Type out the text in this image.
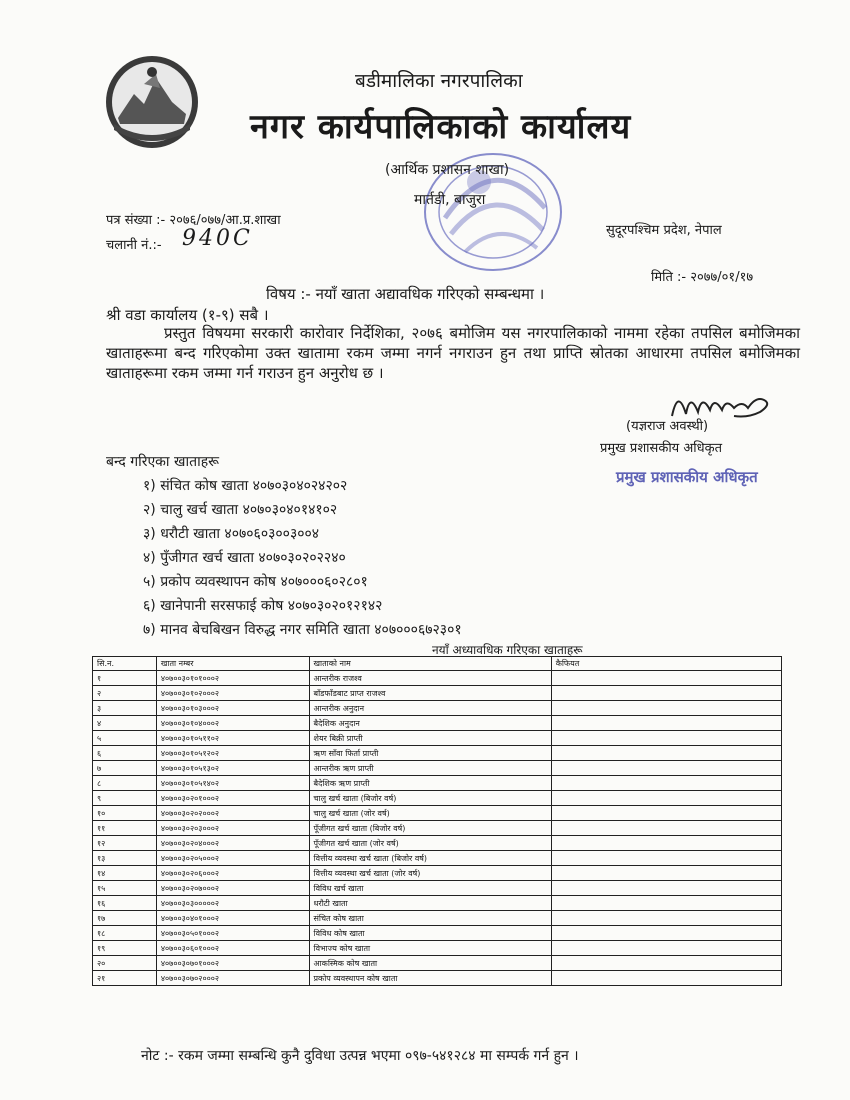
बडीमालिका नगरपालिका
नगर कार्यपालिकाको कार्यालय
(आर्थिक प्रशासन शाखा)
मार्तडी, बाजुरा
पत्र संख्या :- २०७६/०७७/आ.प्र.शाखा
चलानी नं.:- 940C	सुदूरपश्चिम प्रदेश, नेपाल
मिति :- २०७७/०१/१७
विषय :- नयाँ खाता अद्यावधिक गरिएको सम्बन्धमा ।
श्री वडा कार्यालय (१-९) सबै ।

प्रस्तुत विषयमा सरकारी कारोवार निर्देशिका, २०७६ बमोजिम यस नगरपालिकाको नाममा रहेका तपसिल बमोजिमका खाताहरूमा बन्द गरिएकोमा उक्त खातामा रकम जम्मा नगर्न नगराउन हुन तथा प्राप्ति स्रोतका आधारमा तपसिल बमोजिमका खाताहरूमा रकम जम्मा गर्न गराउन हुन अनुरोध छ ।

(यज्ञराज अवस्थी)
प्रमुख प्रशासकीय अधिकृत
प्रमुख प्रशासकीय अधिकृत
बन्द गरिएका खाताहरू
१) संचित कोष खाता ४०७०३०४०२४२०२
२) चालु खर्च खाता ४०७०३०४०१४१०२
३) धरौटी खाता ४०७०६०३००३००४
४) पुँजीगत खर्च खाता ४०७०३०२०२२४०
५) प्रकोप व्यवस्थापन कोष ४०७०००६०२८०१
६) खानेपानी सरसफाई कोष ४०७०३०२०१२१४२
७) मानव बेचबिखन विरुद्ध नगर समिति खाता ४०७०००६७२३०१
नयाँ अध्यावधिक गरिएका खाताहरू
सि.न.	खाता नम्बर	खाताको नाम	कैफियत
१	४०७००३०१०१०००२	आन्तरीक राजश्व	
२	४०७००३०१०२०००२	बाँडफाँडबाट प्राप्त राजश्व	
३	४०७००३०१०३०००२	आन्तरीक अनुदान	
४	४०७००३०१०४०००२	बैदेशिक अनुदान	
५	४०७००३०१०५११०२	शेयर बिक्री प्राप्ती	
६	४०७००३०१०५१२०२	ऋण साँवा फिर्ता प्राप्ती	
७	४०७००३०१०५१३०२	आन्तरीक ऋण प्राप्ती	
८	४०७००३०१०५१४०२	बैदेशिक ऋण प्राप्ती	
९	४०७००३०२०१०००२	चालु खर्च खाता (बिजोर वर्ष)	
१०	४०७००३०२०२०००२	चालु खर्च खाता (जोर वर्ष)	
११	४०७००३०२०३०००२	पूँजीगत खर्च खाता (बिजोर वर्ष)	
१२	४०७००३०२०४०००२	पूँजीगत खर्च खाता (जोर वर्ष)	
१३	४०७००३०२०५०००२	वित्तीय व्यवस्था खर्च खाता (बिजोर वर्ष)	
१४	४०७००३०२०६०००२	वित्तीय व्यवस्था खर्च खाता (जोर वर्ष)	
१५	४०७००३०२०७०००२	विविध खर्च खाता	
१६	४०७००३०३०००००२	धरौटी खाता	
१७	४०७००३०४०१०००२	संचित कोष खाता	
१८	४०७००३०५०१०००२	विविध कोष खाता	
१९	४०७००३०६०१०००२	विभाज्य कोष खाता	
२०	४०७००३०७०१०००२	आकस्मिक कोष खाता	
२१	४०७००३०७०२०००२	प्रकोप व्यवस्थापन कोष खाता	
नोट :- रकम जम्मा सम्बन्धि कुनै दुविधा उत्पन्न भएमा ०९७-५४१२८४ मा सम्पर्क गर्न हुन ।
